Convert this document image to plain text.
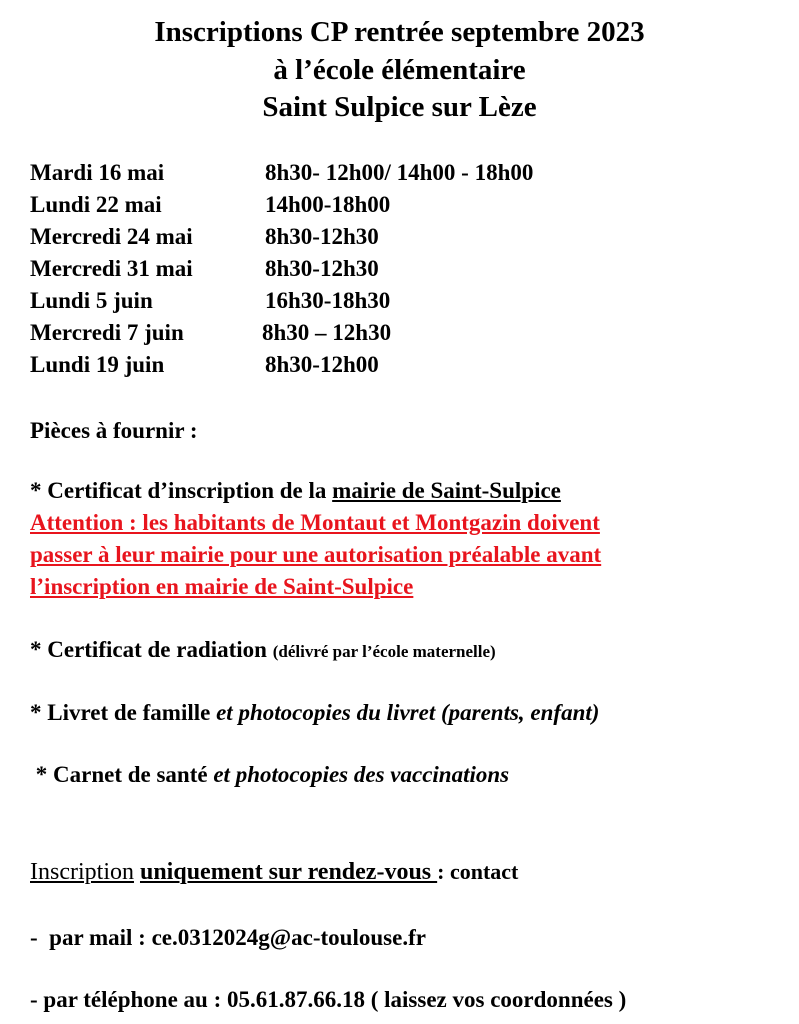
Inscriptions CP rentrée septembre 2023
à l’école élémentaire
Saint Sulpice sur Lèze
Mardi 16 mai	8h30- 12h00/ 14h00 - 18h00
Lundi 22 mai	14h00-18h00
Mercredi 24 mai	8h30-12h30
Mercredi 31 mai	8h30-12h30
Lundi 5 juin	16h30-18h30
Mercredi 7 juin	8h30 – 12h30
Lundi 19 juin	8h30-12h00
Pièces à fournir :
* Certificat d’inscription de la mairie de Saint-Sulpice
Attention : les habitants de Montaut et Montgazin doivent
passer à leur mairie pour une autorisation préalable avant
l’inscription en mairie de Saint-Sulpice
* Certificat de radiation (délivré par l’école maternelle)
* Livret de famille et photocopies du livret (parents, enfant)
* Carnet de santé et photocopies des vaccinations
Inscription uniquement sur rendez-vous : contact
-  par mail : ce.0312024g@ac-toulouse.fr
- par téléphone au : 05.61.87.66.18 ( laissez vos coordonnées )
